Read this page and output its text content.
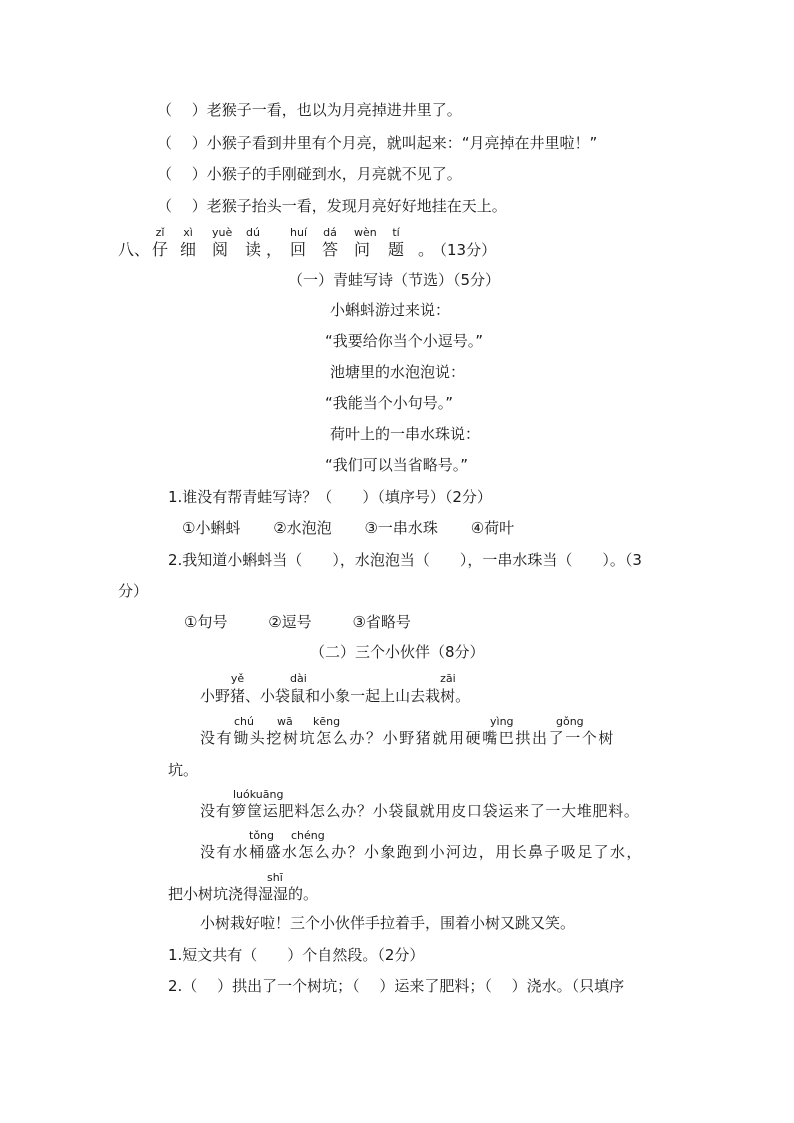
（　 ）老猴子一看，也以为月亮掉进井里了。
（　 ）小猴子看到井里有个月亮，就叫起来：“月亮掉在井里啦！”
（　 ）小猴子的手刚碰到水，月亮就不见了。
（　 ）老猴子抬头一看，发现月亮好好地挂在天上。
八、
zǐ
仔
xì
细
yuè
阅
dú
读 ，
huí
回
dá
答
wèn
问
tí
题 。
（13分）
（一）青蛙写诗（节选）（5分）
小蝌蚪游过来说：
“我要给你当个小逗号。”
池塘里的水泡泡说：
“我能当个小句号。”
荷叶上的一串水珠说：
“我们可以当省略号。”
1.谁没有帮青蛙写诗？（　　）（填序号）（2分）
①小蝌蚪 ②水泡泡 ③一串水珠 ④荷叶
2.我知道小蝌蚪当（　　），水泡泡当（　　），一串水珠当（　　）。（3
分）
①句号	②逗号	③省略号
（二）三个小伙伴（8分）
小野
yě
猪、小袋
dài
鼠和小象一起上山去栽
zāi
树。
chú wā kēng	yìng	gǒng
没有锄头挖树坑怎么办？小野猪就用硬嘴巴拱出了一个树
坑。
luókuāng
没有箩筐运肥料怎么办？小袋鼠就用皮口袋运来了一大堆肥料。
tǒng chéng
没有水桶盛水怎么办？小象跑到小河边，用长鼻子吸足了水，
shī
把小树坑浇得湿湿的。
小树栽好啦！三个小伙伴手拉着手，围着小树又跳又笑。
1.短文共有（　　）个自然段。（2分）
2.（　 ）拱出了一个树坑；（　 ）运来了肥料；（　 ）浇水。（只填序
